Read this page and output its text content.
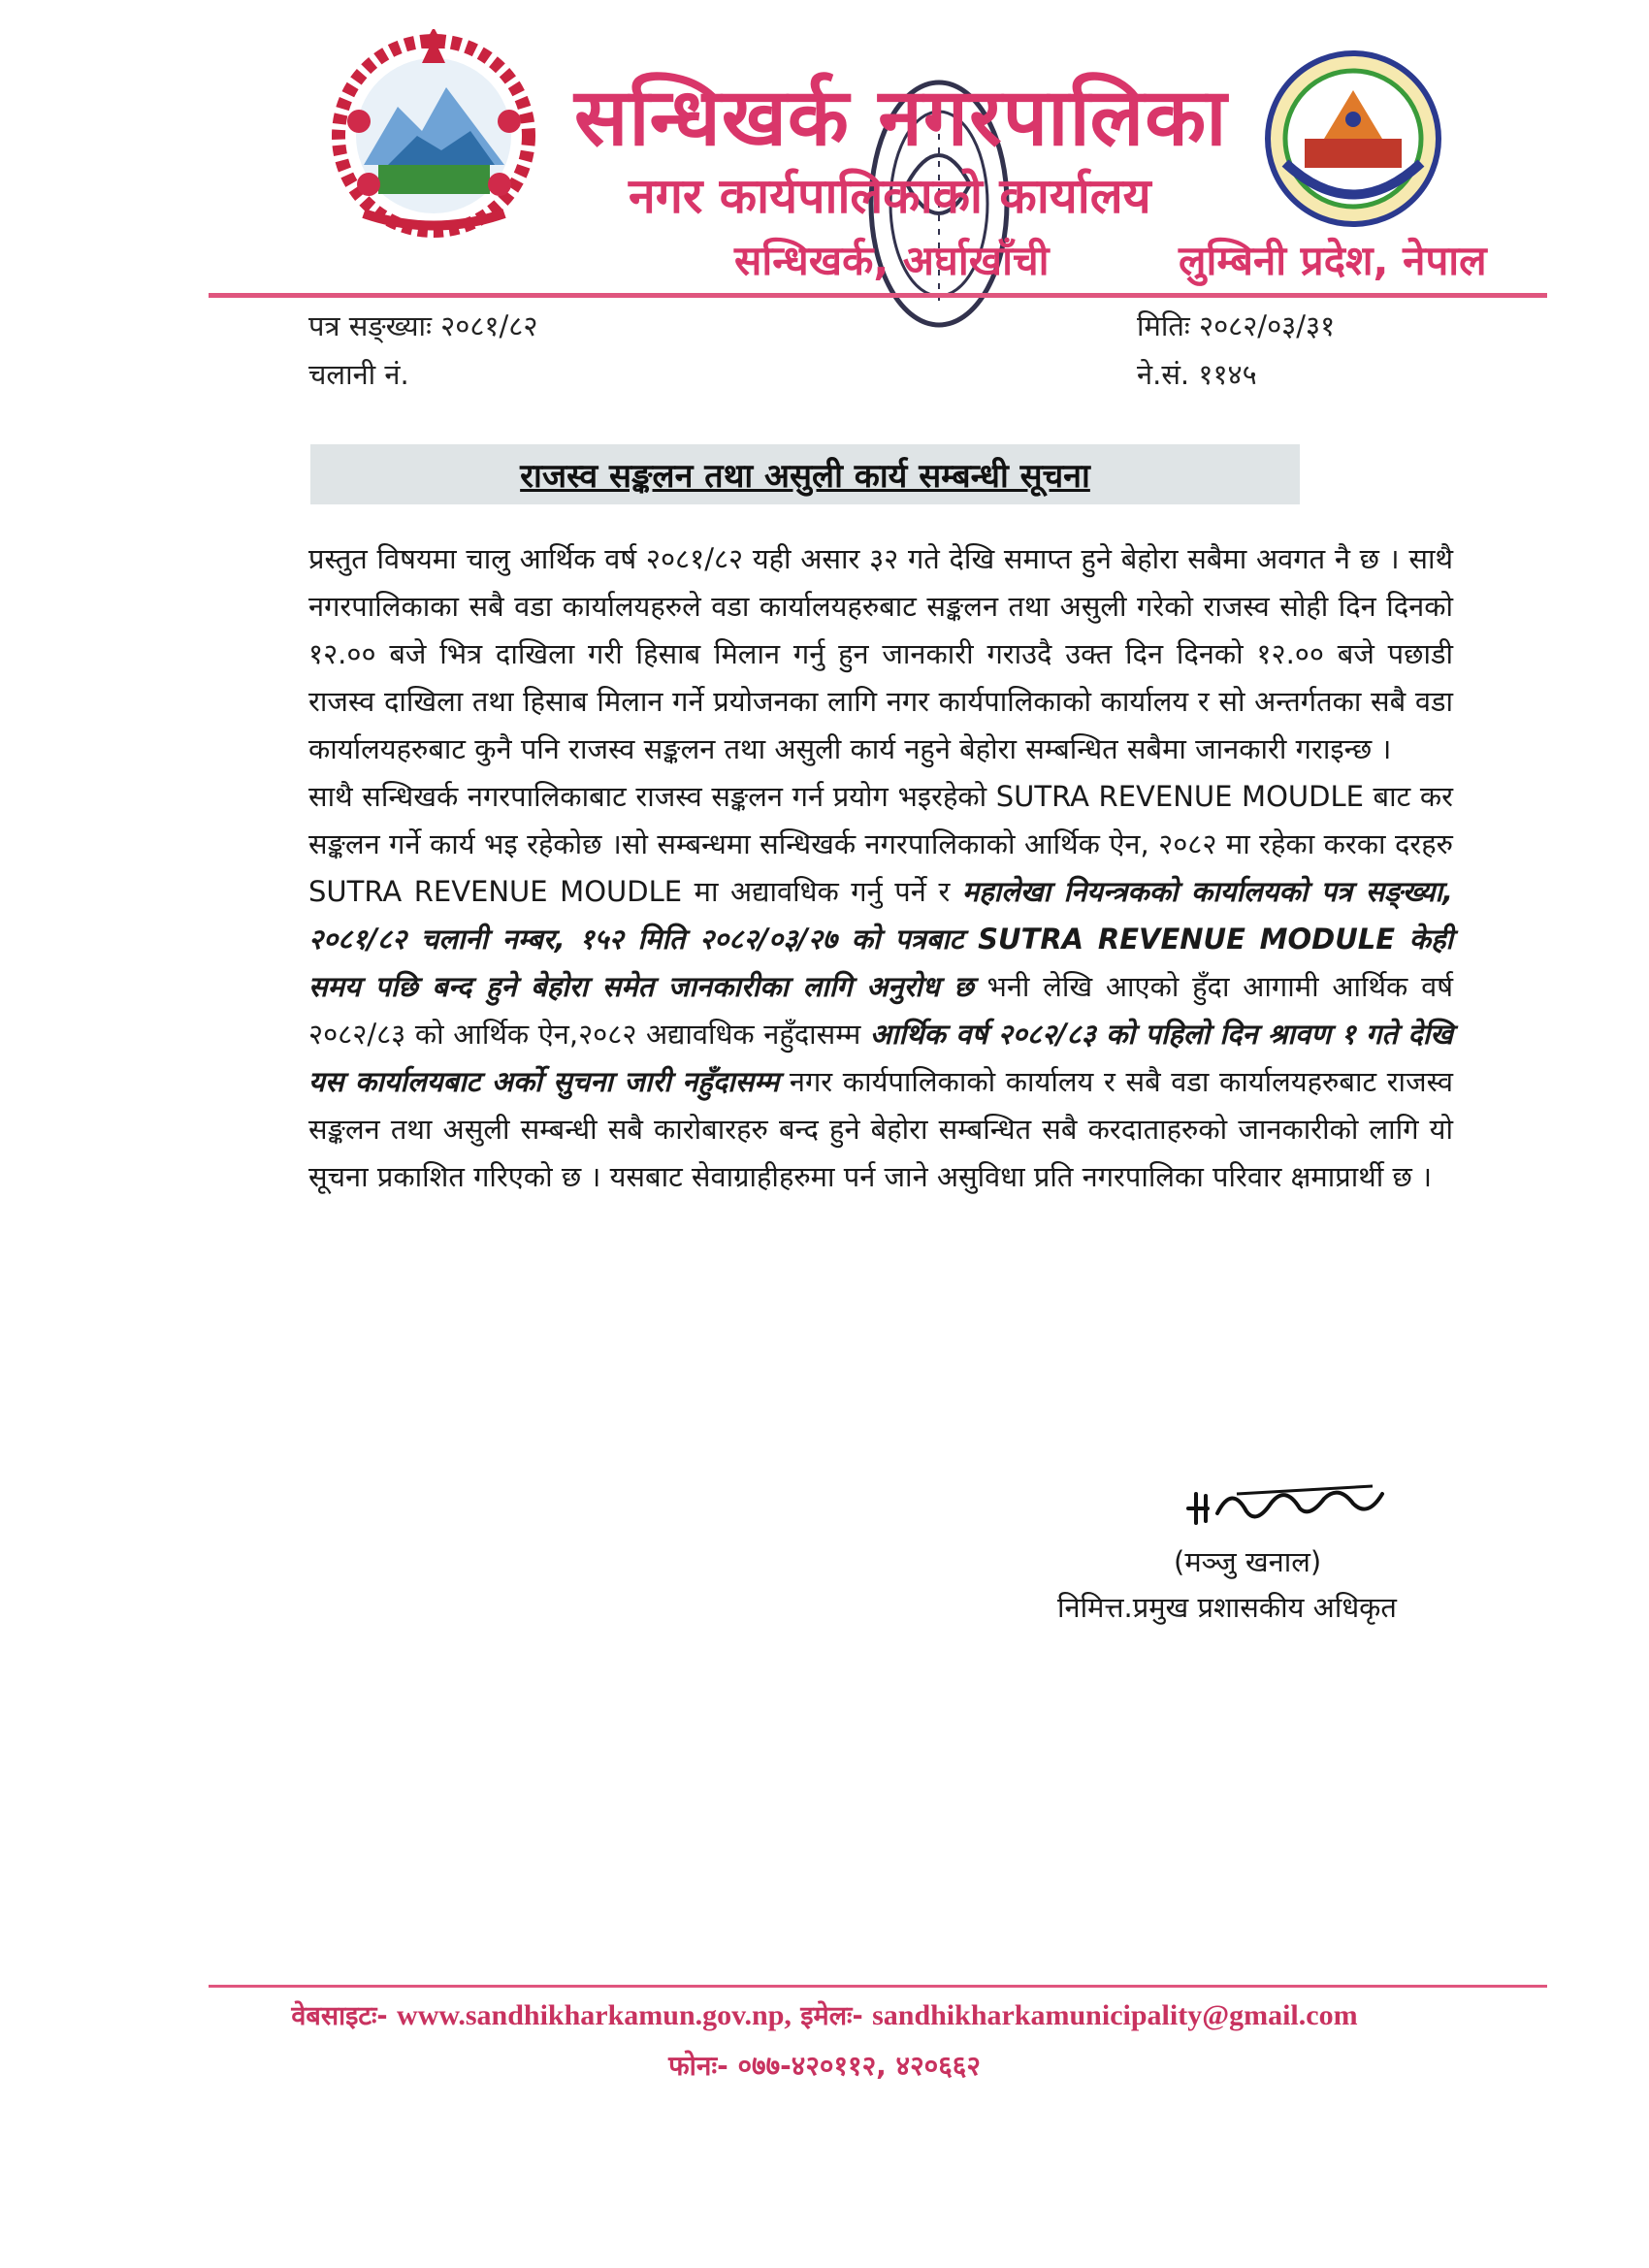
सन्धिखर्क नगरपालिका
नगर कार्यपालिकाको कार्यालय
सन्धिखर्क, अर्घाखाँची	लुम्बिनी प्रदेश, नेपाल
पत्र सङ्ख्याः २०८१/८२
चलानी नं.
मितिः २०८२/०३/३१
ने.सं. ११४५
राजस्व सङ्कलन तथा असुली कार्य सम्बन्धी सूचना

प्रस्तुत विषयमा चालु आर्थिक वर्ष २०८१/८२ यही असार ३२ गते देखि समाप्त हुने बेहोरा सबैमा अवगत नै छ । साथै नगरपालिकाका सबै वडा कार्यालयहरुले वडा कार्यालयहरुबाट सङ्कलन तथा असुली गरेको राजस्व सोही दिन दिनको १२.०० बजे भित्र दाखिला गरी हिसाब मिलान गर्नु हुन जानकारी गराउदै उक्त दिन दिनको १२.०० बजे पछाडी राजस्व दाखिला तथा हिसाब मिलान गर्ने प्रयोजनका लागि नगर कार्यपालिकाको कार्यालय र सो अन्तर्गतका सबै वडा कार्यालयहरुबाट कुनै पनि राजस्व सङ्कलन तथा असुली कार्य नहुने बेहोरा सम्बन्धित सबैमा जानकारी गराइन्छ ।

साथै सन्धिखर्क नगरपालिकाबाट राजस्व सङ्कलन गर्न प्रयोग भइरहेको SUTRA REVENUE MOUDLE बाट कर सङ्कलन गर्ने कार्य भइ रहेकोछ ।सो सम्बन्धमा सन्धिखर्क नगरपालिकाको आर्थिक ऐन, २०८२ मा रहेका करका दरहरु SUTRA REVENUE MOUDLE मा अद्यावधिक गर्नु पर्ने र महालेखा नियन्त्रकको कार्यालयको पत्र सङ्ख्या, २०८१/८२ चलानी नम्बर, १५२ मिति २०८२/०३/२७ को पत्रबाट SUTRA REVENUE MODULE केही समय पछि बन्द हुने बेहोरा समेत जानकारीका लागि अनुरोध छ भनी लेखि आएको हुँदा आगामी आर्थिक वर्ष २०८२/८३ को आर्थिक ऐन,२०८२ अद्यावधिक नहुँदासम्म आर्थिक वर्ष २०८२/८३ को पहिलो दिन श्रावण १ गते देखि यस कार्यालयबाट अर्को सुचना जारी नहुँदासम्म नगर कार्यपालिकाको कार्यालय र सबै वडा कार्यालयहरुबाट राजस्व सङ्कलन तथा असुली सम्बन्धी सबै कारोबारहरु बन्द हुने बेहोरा सम्बन्धित सबै करदाताहरुको जानकारीको लागि यो सूचना प्रकाशित गरिएको छ । यसबाट सेवाग्राहीहरुमा पर्न जाने असुविधा प्रति नगरपालिका परिवार क्षमाप्रार्थी छ ।

(मञ्जु खनाल)
निमित्त.प्रमुख प्रशासकीय अधिकृत
वेबसाइटः- www.sandhikharkamun.gov.np, इमेलः- sandhikharkamunicipality@gmail.com
फोनः- ०७७-४२०११२, ४२०६६२
